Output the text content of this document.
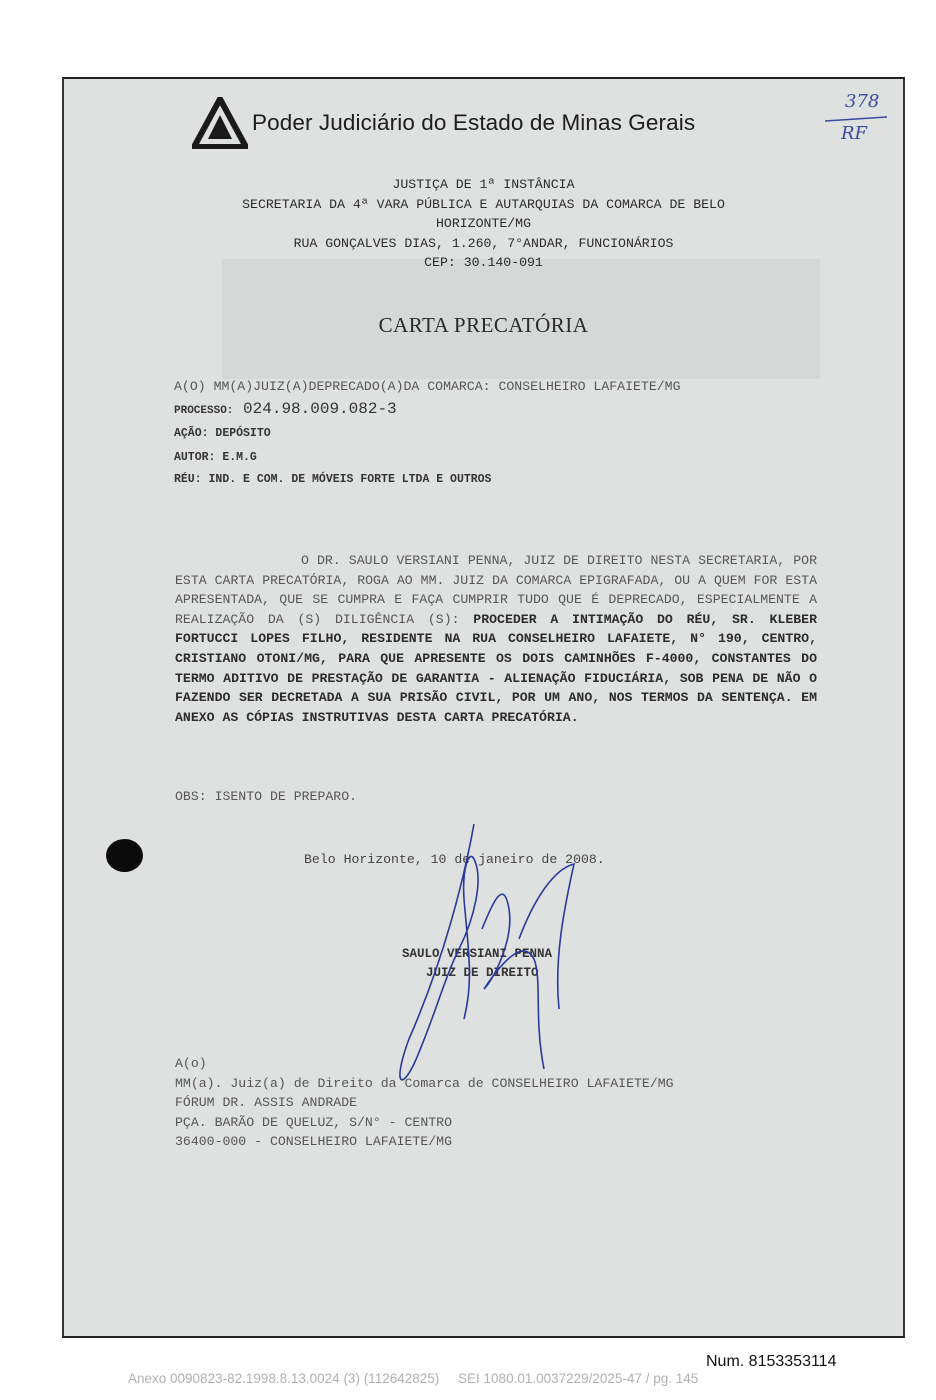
Poder Judiciário do Estado de Minas Gerais
378
RF
JUSTIÇA DE 1ª INSTÂNCIA
SECRETARIA DA 4ª VARA PÚBLICA E AUTARQUIAS DA COMARCA DE BELO
HORIZONTE/MG
RUA GONÇALVES DIAS, 1.260, 7°ANDAR, FUNCIONÁRIOS
CEP: 30.140-091
CARTA PRECATÓRIA
A(O) MM(A)JUIZ(A)DEPRECADO(A)DA COMARCA: CONSELHEIRO LAFAIETE/MG
PROCESSO: 024.98.009.082-3
AÇÃO: DEPÓSITO
AUTOR: E.M.G
RÉU: IND. E COM. DE MÓVEIS FORTE LTDA E OUTROS
O DR. SAULO VERSIANI PENNA, JUIZ DE DIREITO NESTA SECRETARIA, POR ESTA CARTA PRECATÓRIA, ROGA AO MM. JUIZ DA COMARCA EPIGRAFADA, OU A QUEM FOR ESTA APRESENTADA, QUE SE CUMPRA E FAÇA CUMPRIR TUDO QUE É DEPRECADO, ESPECIALMENTE A REALIZAÇÃO DA (S) DILIGÊNCIA (S): PROCEDER A INTIMAÇÃO DO RÉU, SR. KLEBER FORTUCCI LOPES FILHO, RESIDENTE NA RUA CONSELHEIRO LAFAIETE, N° 190, CENTRO, CRISTIANO OTONI/MG, PARA QUE APRESENTE OS DOIS CAMINHÕES F-4000, CONSTANTES DO TERMO ADITIVO DE PRESTAÇÃO DE GARANTIA - ALIENAÇÃO FIDUCIÁRIA, SOB PENA DE NÃO O FAZENDO SER DECRETADA A SUA PRISÃO CIVIL, POR UM ANO, NOS TERMOS DA SENTENÇA. EM ANEXO AS CÓPIAS INSTRUTIVAS DESTA CARTA PRECATÓRIA.
OBS: ISENTO DE PREPARO.
Belo Horizonte, 10 de janeiro de 2008.
SAULO VERSIANI PENNA
JUIZ DE DIREITO
A(o)
MM(a). Juiz(a) de Direito da Comarca de CONSELHEIRO LAFAIETE/MG
FÓRUM DR. ASSIS ANDRADE
PÇA. BARÃO DE QUELUZ, S/N° - CENTRO
36400-000 - CONSELHEIRO LAFAIETE/MG
Num. 8153353114
Anexo 0090823-82.1998.8.13.0024 (3) (112642825) SEI 1080.01.0037229/2025-47 / pg. 145
